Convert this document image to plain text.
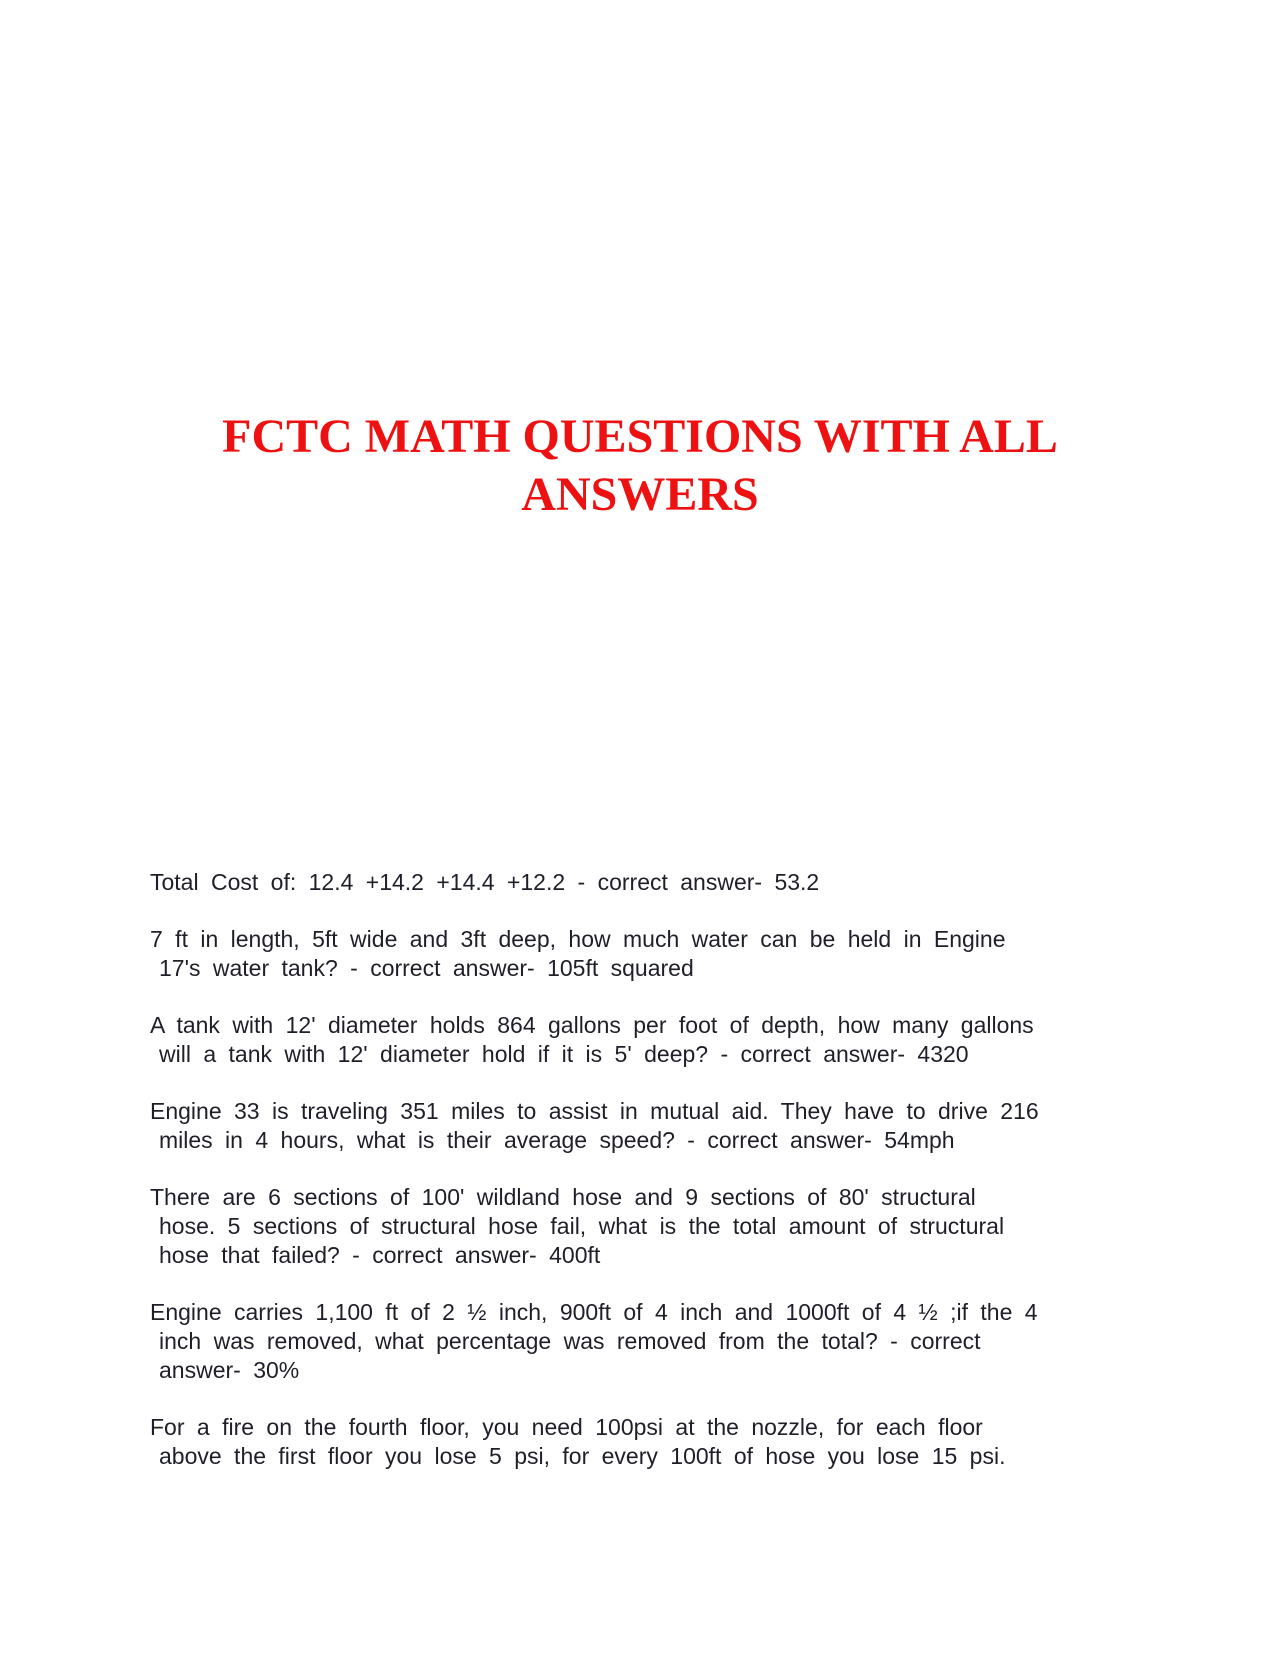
FCTC MATH QUESTIONS WITH ALL
ANSWERS
Total Cost of: 12.4 +14.2 +14.4 +12.2 - correct answer- 53.2
7 ft in length, 5ft wide and 3ft deep, how much water can be held in Engine
17's water tank? - correct answer- 105ft squared
A tank with 12' diameter holds 864 gallons per foot of depth, how many gallons
will a tank with 12' diameter hold if it is 5' deep? - correct answer- 4320
Engine 33 is traveling 351 miles to assist in mutual aid. They have to drive 216
miles in 4 hours, what is their average speed? - correct answer- 54mph
There are 6 sections of 100' wildland hose and 9 sections of 80' structural
hose. 5 sections of structural hose fail, what is the total amount of structural
hose that failed? - correct answer- 400ft
Engine carries 1,100 ft of 2 ½ inch, 900ft of 4 inch and 1000ft of 4 ½ ;if the 4
inch was removed, what percentage was removed from the total? - correct
answer- 30%
For a fire on the fourth floor, you need 100psi at the nozzle, for each floor
above the first floor you lose 5 psi, for every 100ft of hose you lose 15 psi.
